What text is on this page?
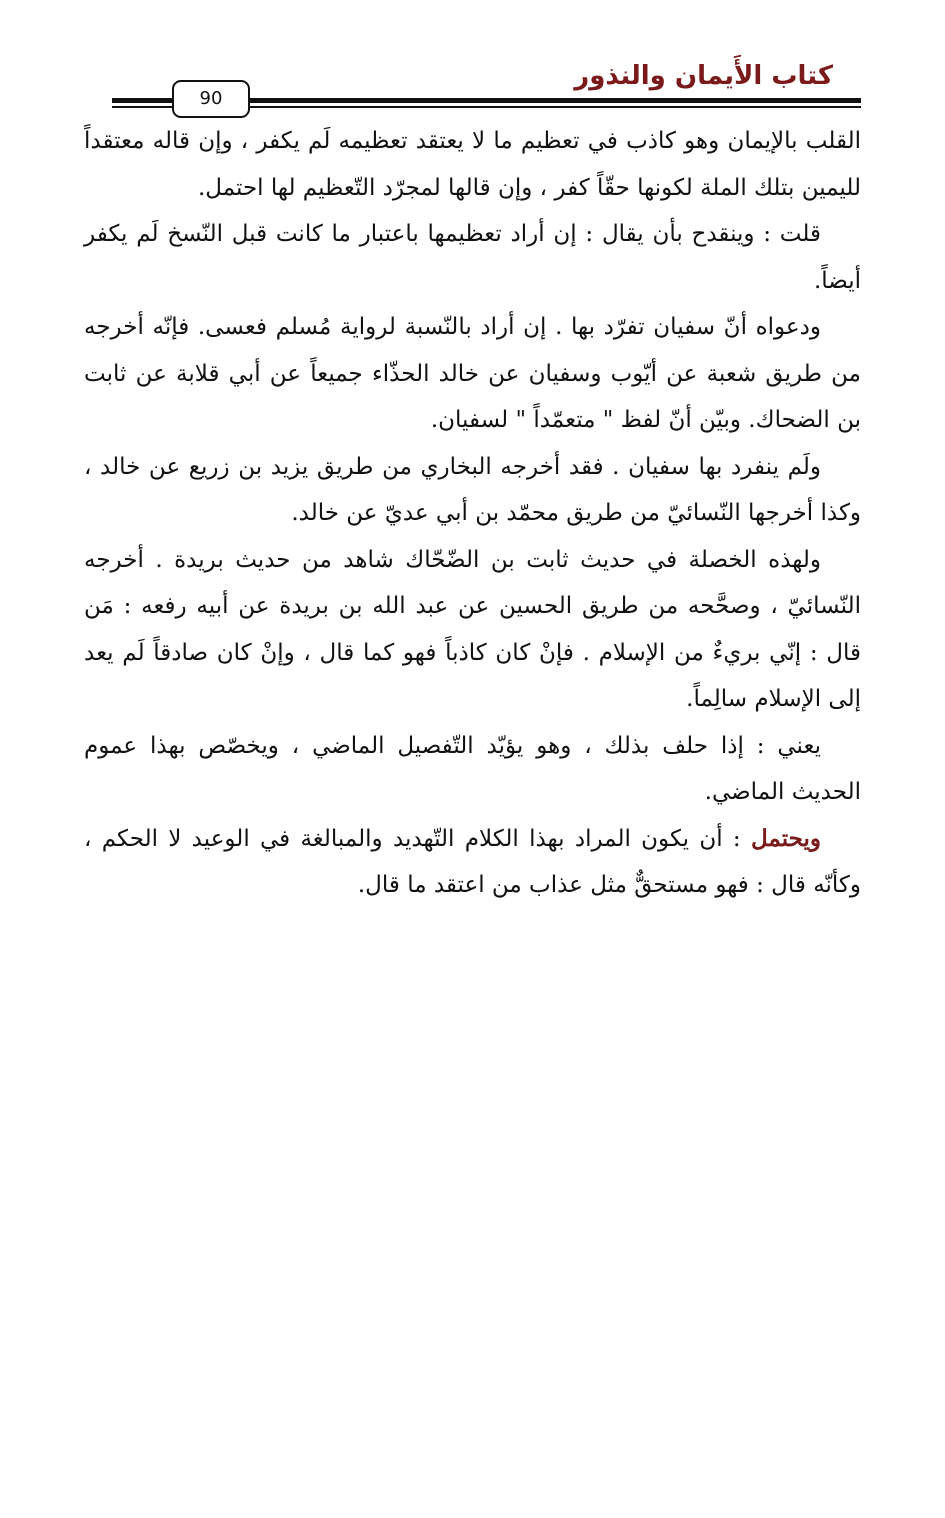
كتاب الأَيمان والنذور
90

القلب بالإيمان وهو كاذب في تعظيم ما لا يعتقد تعظيمه لَم يكفر ، وإن قاله معتقداً لليمين بتلك الملة لكونها حقّاً كفر ، وإن قالها لمجرّد التّعظيم لها احتمل.

قلت : وينقدح بأن يقال : إن أراد تعظيمها باعتبار ما كانت قبل النّسخ لَم يكفر أيضاً.

ودعواه أنّ سفيان تفرّد بها . إن أراد بالنّسبة لرواية مُسلم فعسى. فإنّه أخرجه من طريق شعبة عن أيّوب وسفيان عن خالد الحذّاء جميعاً عن أبي قلابة عن ثابت بن الضحاك. وبيّن أنّ لفظ " متعمّداً " لسفيان.

ولَم ينفرد بها سفيان . فقد أخرجه البخاري من طريق يزيد بن زريع عن خالد ، وكذا أخرجها النّسائيّ من طريق محمّد بن أبي عديّ عن خالد.

ولهذه الخصلة في حديث ثابت بن الضّحّاك شاهد من حديث بريدة . أخرجه النّسائيّ ، وصحَّحه من طريق الحسين عن عبد الله بن بريدة عن أبيه رفعه : مَن قال : إنّي بريءٌ من الإسلام . فإنْ كان كاذباً فهو كما قال ، وإنْ كان صادقاً لَم يعد إلى الإسلام سالِماً.

يعني : إذا حلف بذلك ، وهو يؤيّد التّفصيل الماضي ، ويخصّص بهذا عموم الحديث الماضي.

ويحتمل : أن يكون المراد بهذا الكلام التّهديد والمبالغة في الوعيد لا الحكم ، وكأنّه قال : فهو مستحقٌّ مثل عذاب من اعتقد ما قال.
